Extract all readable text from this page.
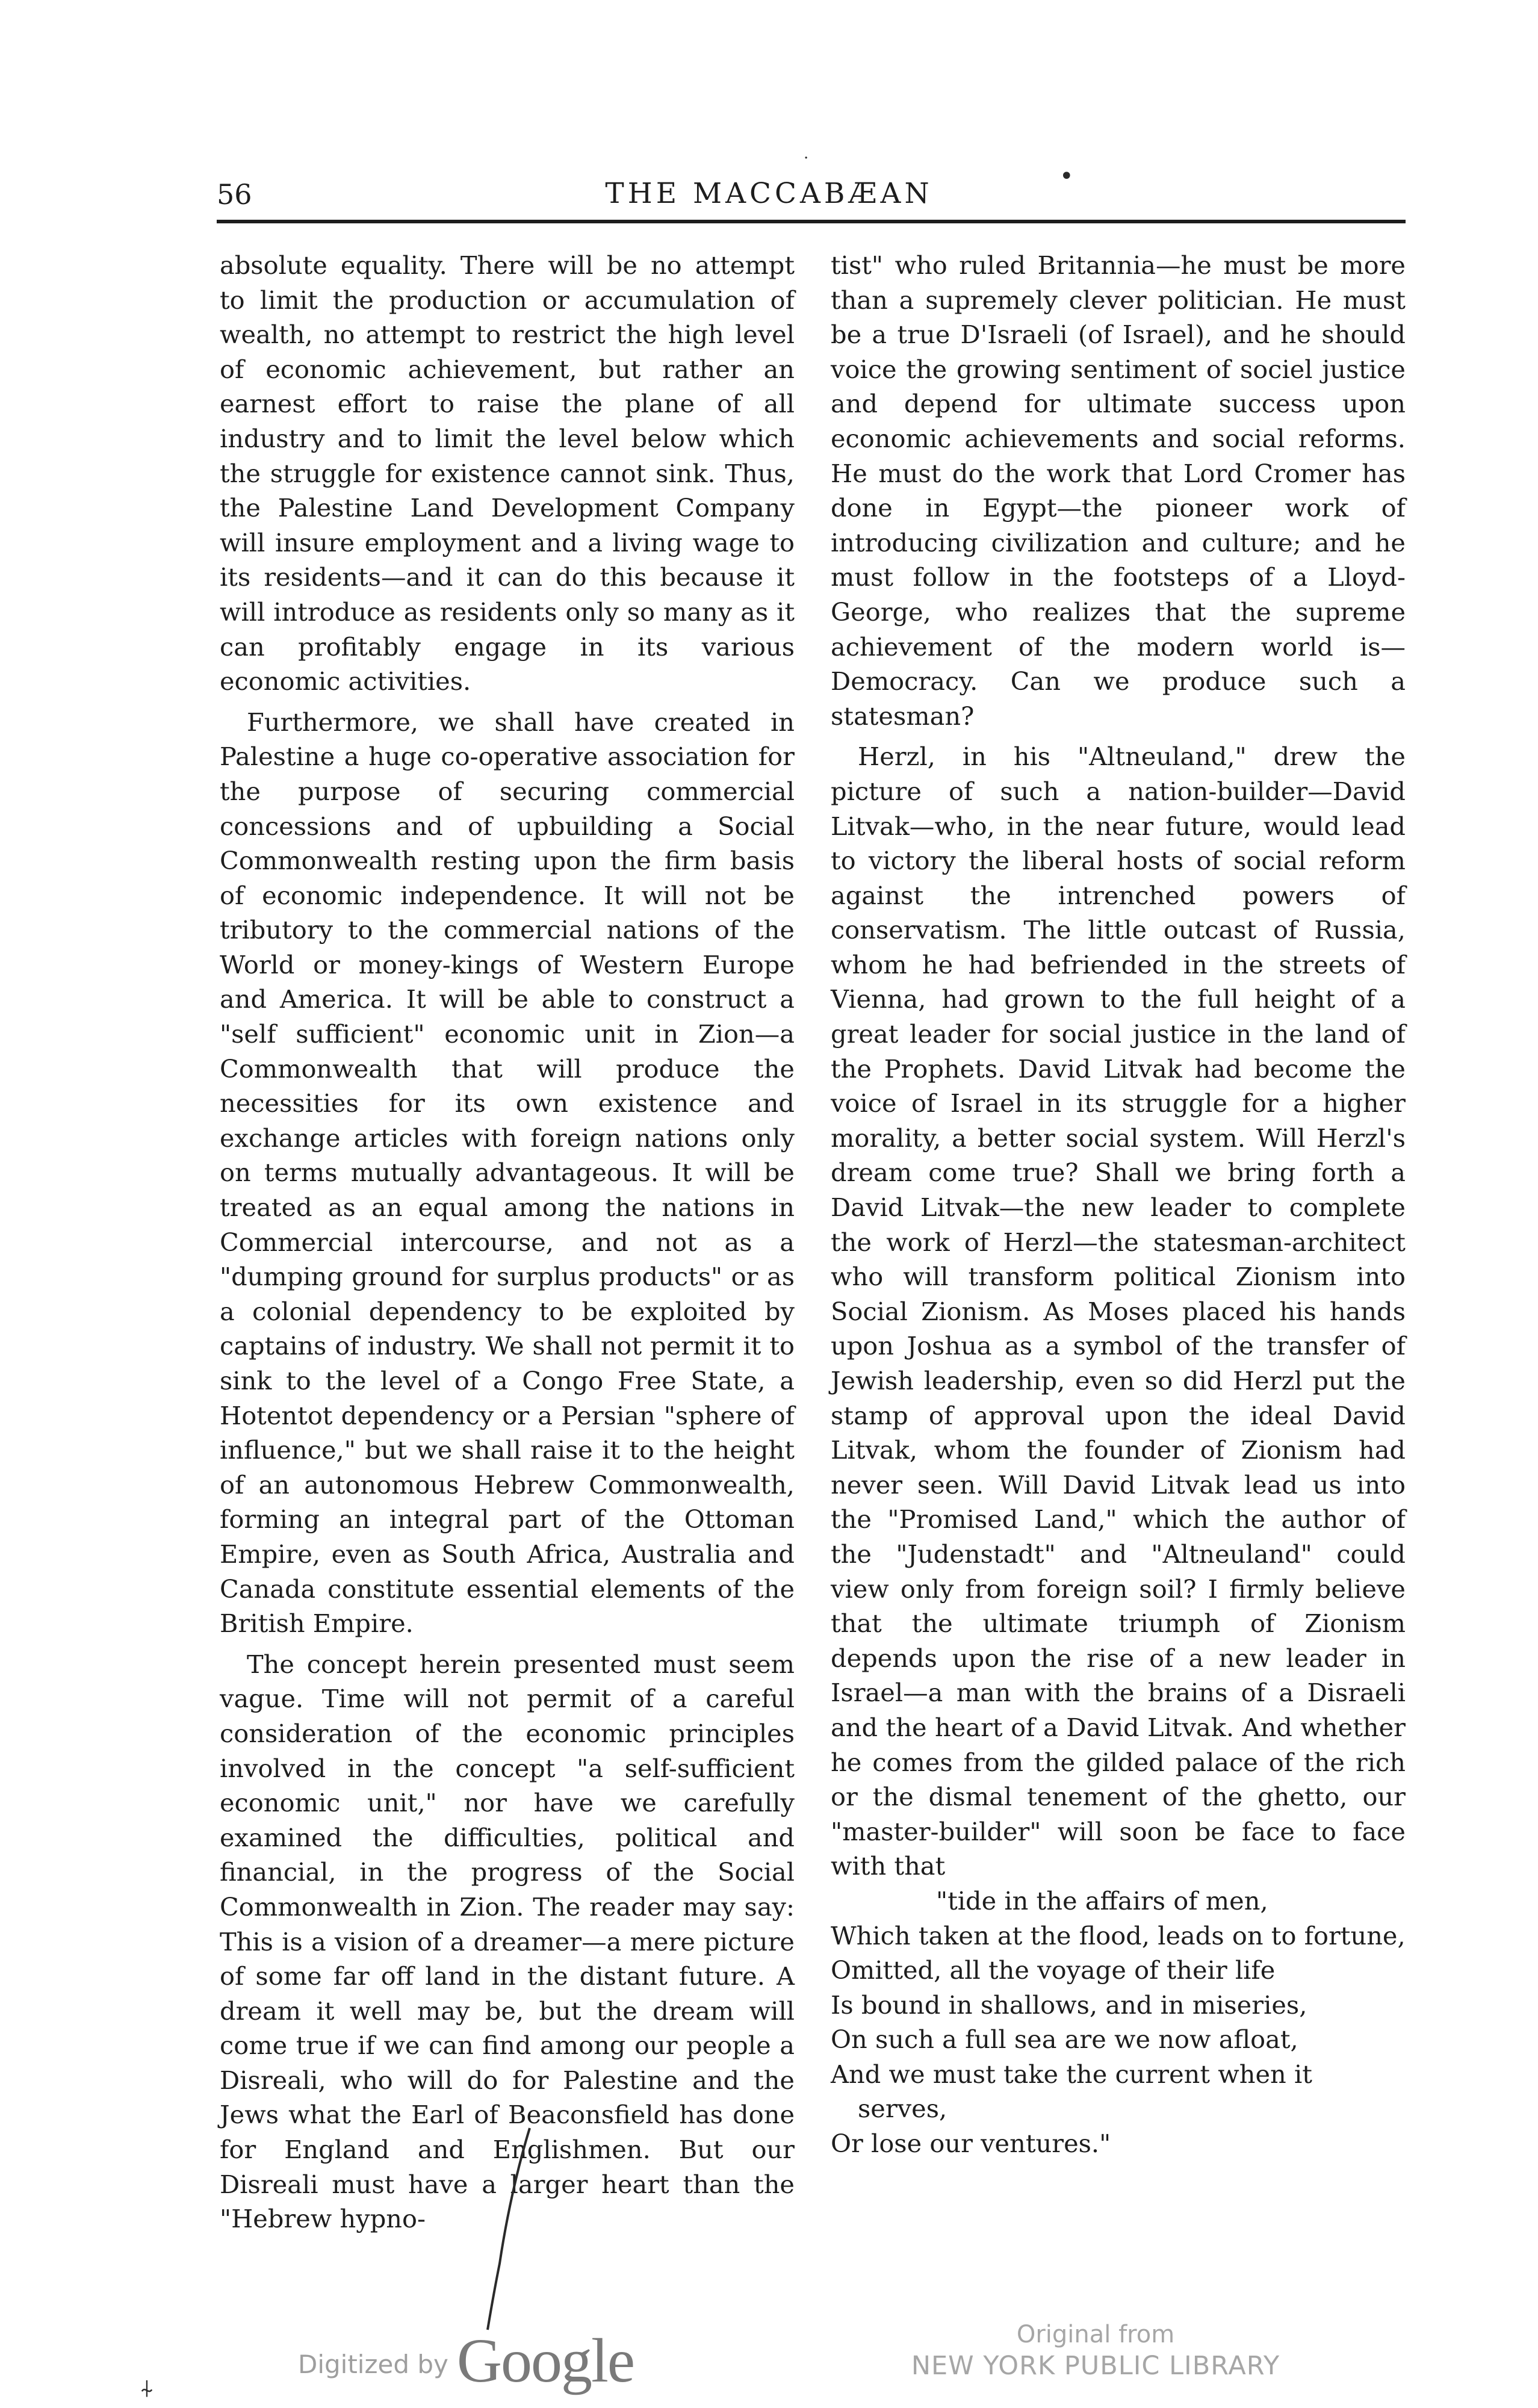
56	THE MACCABÆAN

absolute equality. There will be no attempt to limit the production or accumulation of wealth, no attempt to restrict the high level of economic achievement, but rather an earnest effort to raise the plane of all industry and to limit the level below which the struggle for existence cannot sink. Thus, the Palestine Land Development Company will insure employment and a living wage to its residents—and it can do this because it will introduce as residents only so many as it can profitably engage in its various economic activities.

Furthermore, we shall have created in Palestine a huge co-operative association for the purpose of securing commercial concessions and of upbuilding a Social Commonwealth resting upon the firm basis of economic independence. It will not be tributory to the commercial nations of the World or money-kings of Western Europe and America. It will be able to construct a "self sufficient" economic unit in Zion—a Commonwealth that will produce the necessities for its own existence and exchange articles with foreign nations only on terms mutually advantageous. It will be treated as an equal among the nations in Commercial intercourse, and not as a "dumping ground for surplus products" or as a colonial dependency to be exploited by captains of industry. We shall not permit it to sink to the level of a Congo Free State, a Hotentot dependency or a Persian "sphere of influence," but we shall raise it to the height of an autonomous Hebrew Commonwealth, forming an integral part of the Ottoman Empire, even as South Africa, Australia and Canada constitute essential elements of the British Empire.

The concept herein presented must seem vague. Time will not permit of a careful consideration of the economic principles involved in the concept "a self-sufficient economic unit," nor have we carefully examined the difficulties, political and financial, in the progress of the Social Commonwealth in Zion. The reader may say: This is a vision of a dreamer—a mere picture of some far off land in the distant future. A dream it well may be, but the dream will come true if we can find among our people a Disreali, who will do for Palestine and the Jews what the Earl of Beaconsfield has done for England and Englishmen. But our Disreali must have a larger heart than the "Hebrew hypno-

tist" who ruled Britannia—he must be more than a supremely clever politician. He must be a true D'Israeli (of Israel), and he should voice the growing sentiment of sociel justice and depend for ultimate success upon economic achievements and social reforms. He must do the work that Lord Cromer has done in Egypt—the pioneer work of introducing civilization and culture; and he must follow in the footsteps of a Lloyd-George, who realizes that the supreme achievement of the modern world is—Democracy. Can we produce such a statesman?

Herzl, in his "Altneuland," drew the picture of such a nation-builder—David Litvak—who, in the near future, would lead to victory the liberal hosts of social reform against the intrenched powers of conservatism. The little outcast of Russia, whom he had befriended in the streets of Vienna, had grown to the full height of a great leader for social justice in the land of the Prophets. David Litvak had become the voice of Israel in its struggle for a higher morality, a better social system. Will Herzl's dream come true? Shall we bring forth a David Litvak—the new leader to complete the work of Herzl—the statesman-architect who will transform political Zionism into Social Zionism. As Moses placed his hands upon Joshua as a symbol of the transfer of Jewish leadership, even so did Herzl put the stamp of approval upon the ideal David Litvak, whom the founder of Zionism had never seen. Will David Litvak lead us into the "Promised Land," which the author of the "Judenstadt" and "Altneuland" could view only from foreign soil? I firmly believe that the ultimate triumph of Zionism depends upon the rise of a new leader in Israel—a man with the brains of a Disraeli and the heart of a David Litvak. And whether he comes from the gilded palace of the rich or the dismal tenement of the ghetto, our "master-builder" will soon be face to face with that

"tide in the affairs of men,
Which taken at the flood, leads on to fortune,
Omitted, all the voyage of their life
Is bound in shallows, and in miseries,
On such a full sea are we now afloat,
And we must take the current when it serves,
Or lose our ventures."
•
.
⍭
Digitized by Google	Original from
NEW YORK PUBLIC LIBRARY
